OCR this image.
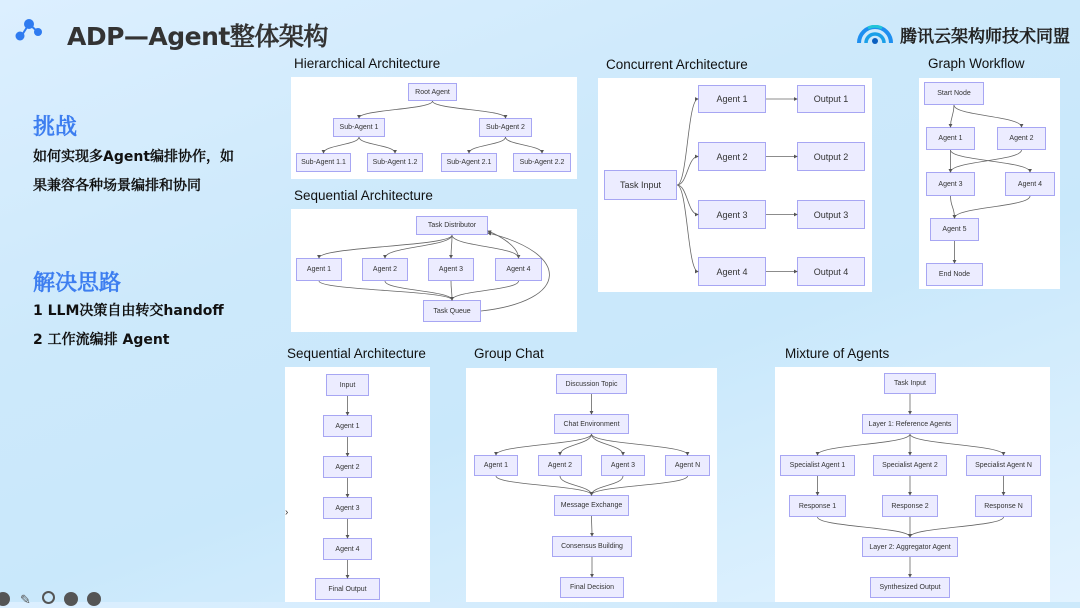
ADP—Agent整体架构	腾讯云架构师技术同盟
挑战
如何实现多Agent编排协作，如
果兼容各种场景编排和协同
解决思路
1 LLM决策自由转交handoff
2 工作流编排 Agent
Hierarchical Architecture
Root Agent
Sub-Agent 1	Sub-Agent 2
Sub-Agent 1.1	Sub-Agent 1.2	Sub-Agent 2.1	Sub-Agent 2.2
Sequential Architecture
Task Distributor
Agent 1	Agent 2	Agent 3	Agent 4
Task Queue
Concurrent Architecture
Task Input
Agent 1
Agent 2
Agent 3
Agent 4
Output 1
Output 2
Output 3
Output 4
Graph Workflow
Start Node
Agent 1	Agent 2
Agent 3	Agent 4
Agent 5
End Node
Sequential Architecture
Input
Agent 1
Agent 2
Agent 3
Agent 4
Final Output
Group Chat
Discussion Topic
Chat Environment
Agent 1	Agent 2	Agent 3	Agent N
Message Exchange
Consensus Building
Final Decision
Mixture of Agents
Task Input
Layer 1: Reference Agents
Specialist Agent 1	Specialist Agent 2	Specialist Agent N
Response 1	Response 2	Response N
Layer 2: Aggregator Agent
Synthesized Output
›
✎
